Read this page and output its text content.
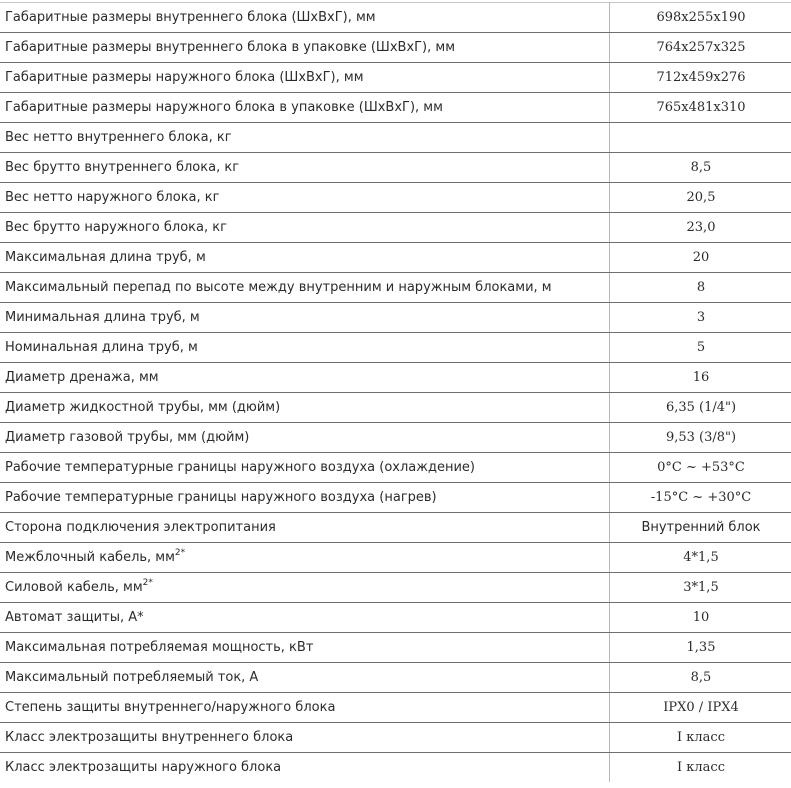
Габаритные размеры внутреннего блока (ШхВхГ), мм	698х255х190
Габаритные размеры внутреннего блока в упаковке (ШхВхГ), мм	764х257х325
Габаритные размеры наружного блока (ШхВхГ), мм	712х459х276
Габаритные размеры наружного блока в упаковке (ШхВхГ), мм	765х481х310
Вес нетто внутреннего блока, кг	
Вес брутто внутреннего блока, кг	8,5
Вес нетто наружного блока, кг	20,5
Вес брутто наружного блока, кг	23,0
Максимальная длина труб, м	20
Максимальный перепад по высоте между внутренним и наружным блоками, м	8
Минимальная длина труб, м	3
Номинальная длина труб, м	5
Диаметр дренажа, мм	16
Диаметр жидкостной трубы, мм (дюйм)	6,35 (1/4")
Диаметр газовой трубы, мм (дюйм)	9,53 (3/8")
Рабочие температурные границы наружного воздуха (охлаждение)	0°С ~ +53°С
Рабочие температурные границы наружного воздуха (нагрев)	-15°С ~ +30°С
Сторона подключения электропитания	Внутренний блок
Межблочный кабель, $мм^{2*}$	4*1,5
Силовой кабель, $мм^{2*}$	3*1,5
Автомат защиты, А*	10
Максимальная потребляемая мощность, кВт	1,35
Максимальный потребляемый ток, А	8,5
Степень защиты внутреннего/наружного блока	IPX0 / IPX4
Класс электрозащиты внутреннего блока	I класс
Класс электрозащиты наружного блока	I класс
